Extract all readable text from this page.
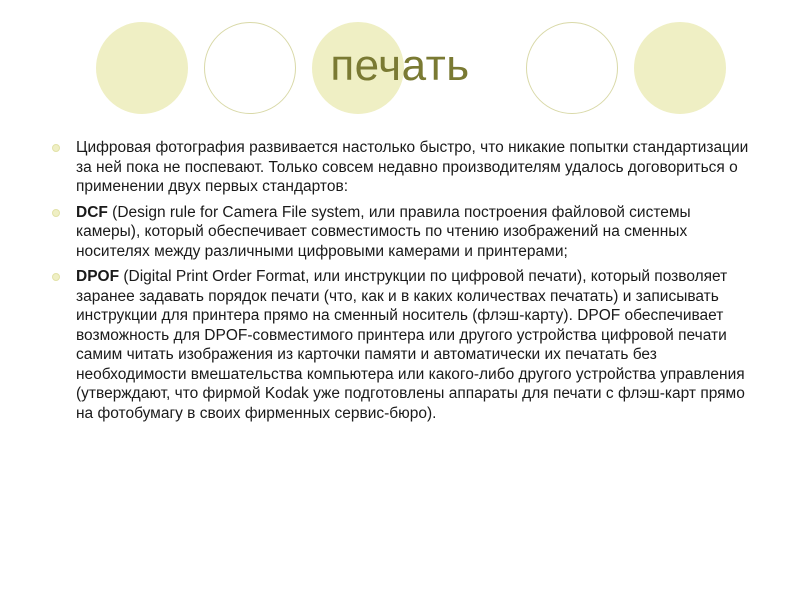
печать
Цифровая фотография развивается настолько быстро, что никакие попытки стандартизации за ней пока не поспевают. Только совсем недавно производителям удалось договориться о применении двух первых стандартов:
DCF (Design rule for Camera File system, или правила построения файловой системы камеры), который обеспечивает совместимость по чтению изображений на сменных носителях между различными цифровыми камерами и принтерами;
DPOF (Digital Print Order Format, или инструкции по цифровой печати), который позволяет заранее задавать порядок печати (что, как и в каких количествах печатать) и записывать инструкции для принтера прямо на сменный носитель (флэш-карту). DPOF обеспечивает возможность для DPOF-совместимого принтера или другого устройства цифровой печати самим читать изображения из карточки памяти и автоматически их печатать без необходимости вмешательства компьютера или какого-либо другого устройства управления (утверждают, что фирмой Kodak уже подготовлены аппараты для печати с флэш-карт прямо на фотобумагу в своих фирменных сервис-бюро).
